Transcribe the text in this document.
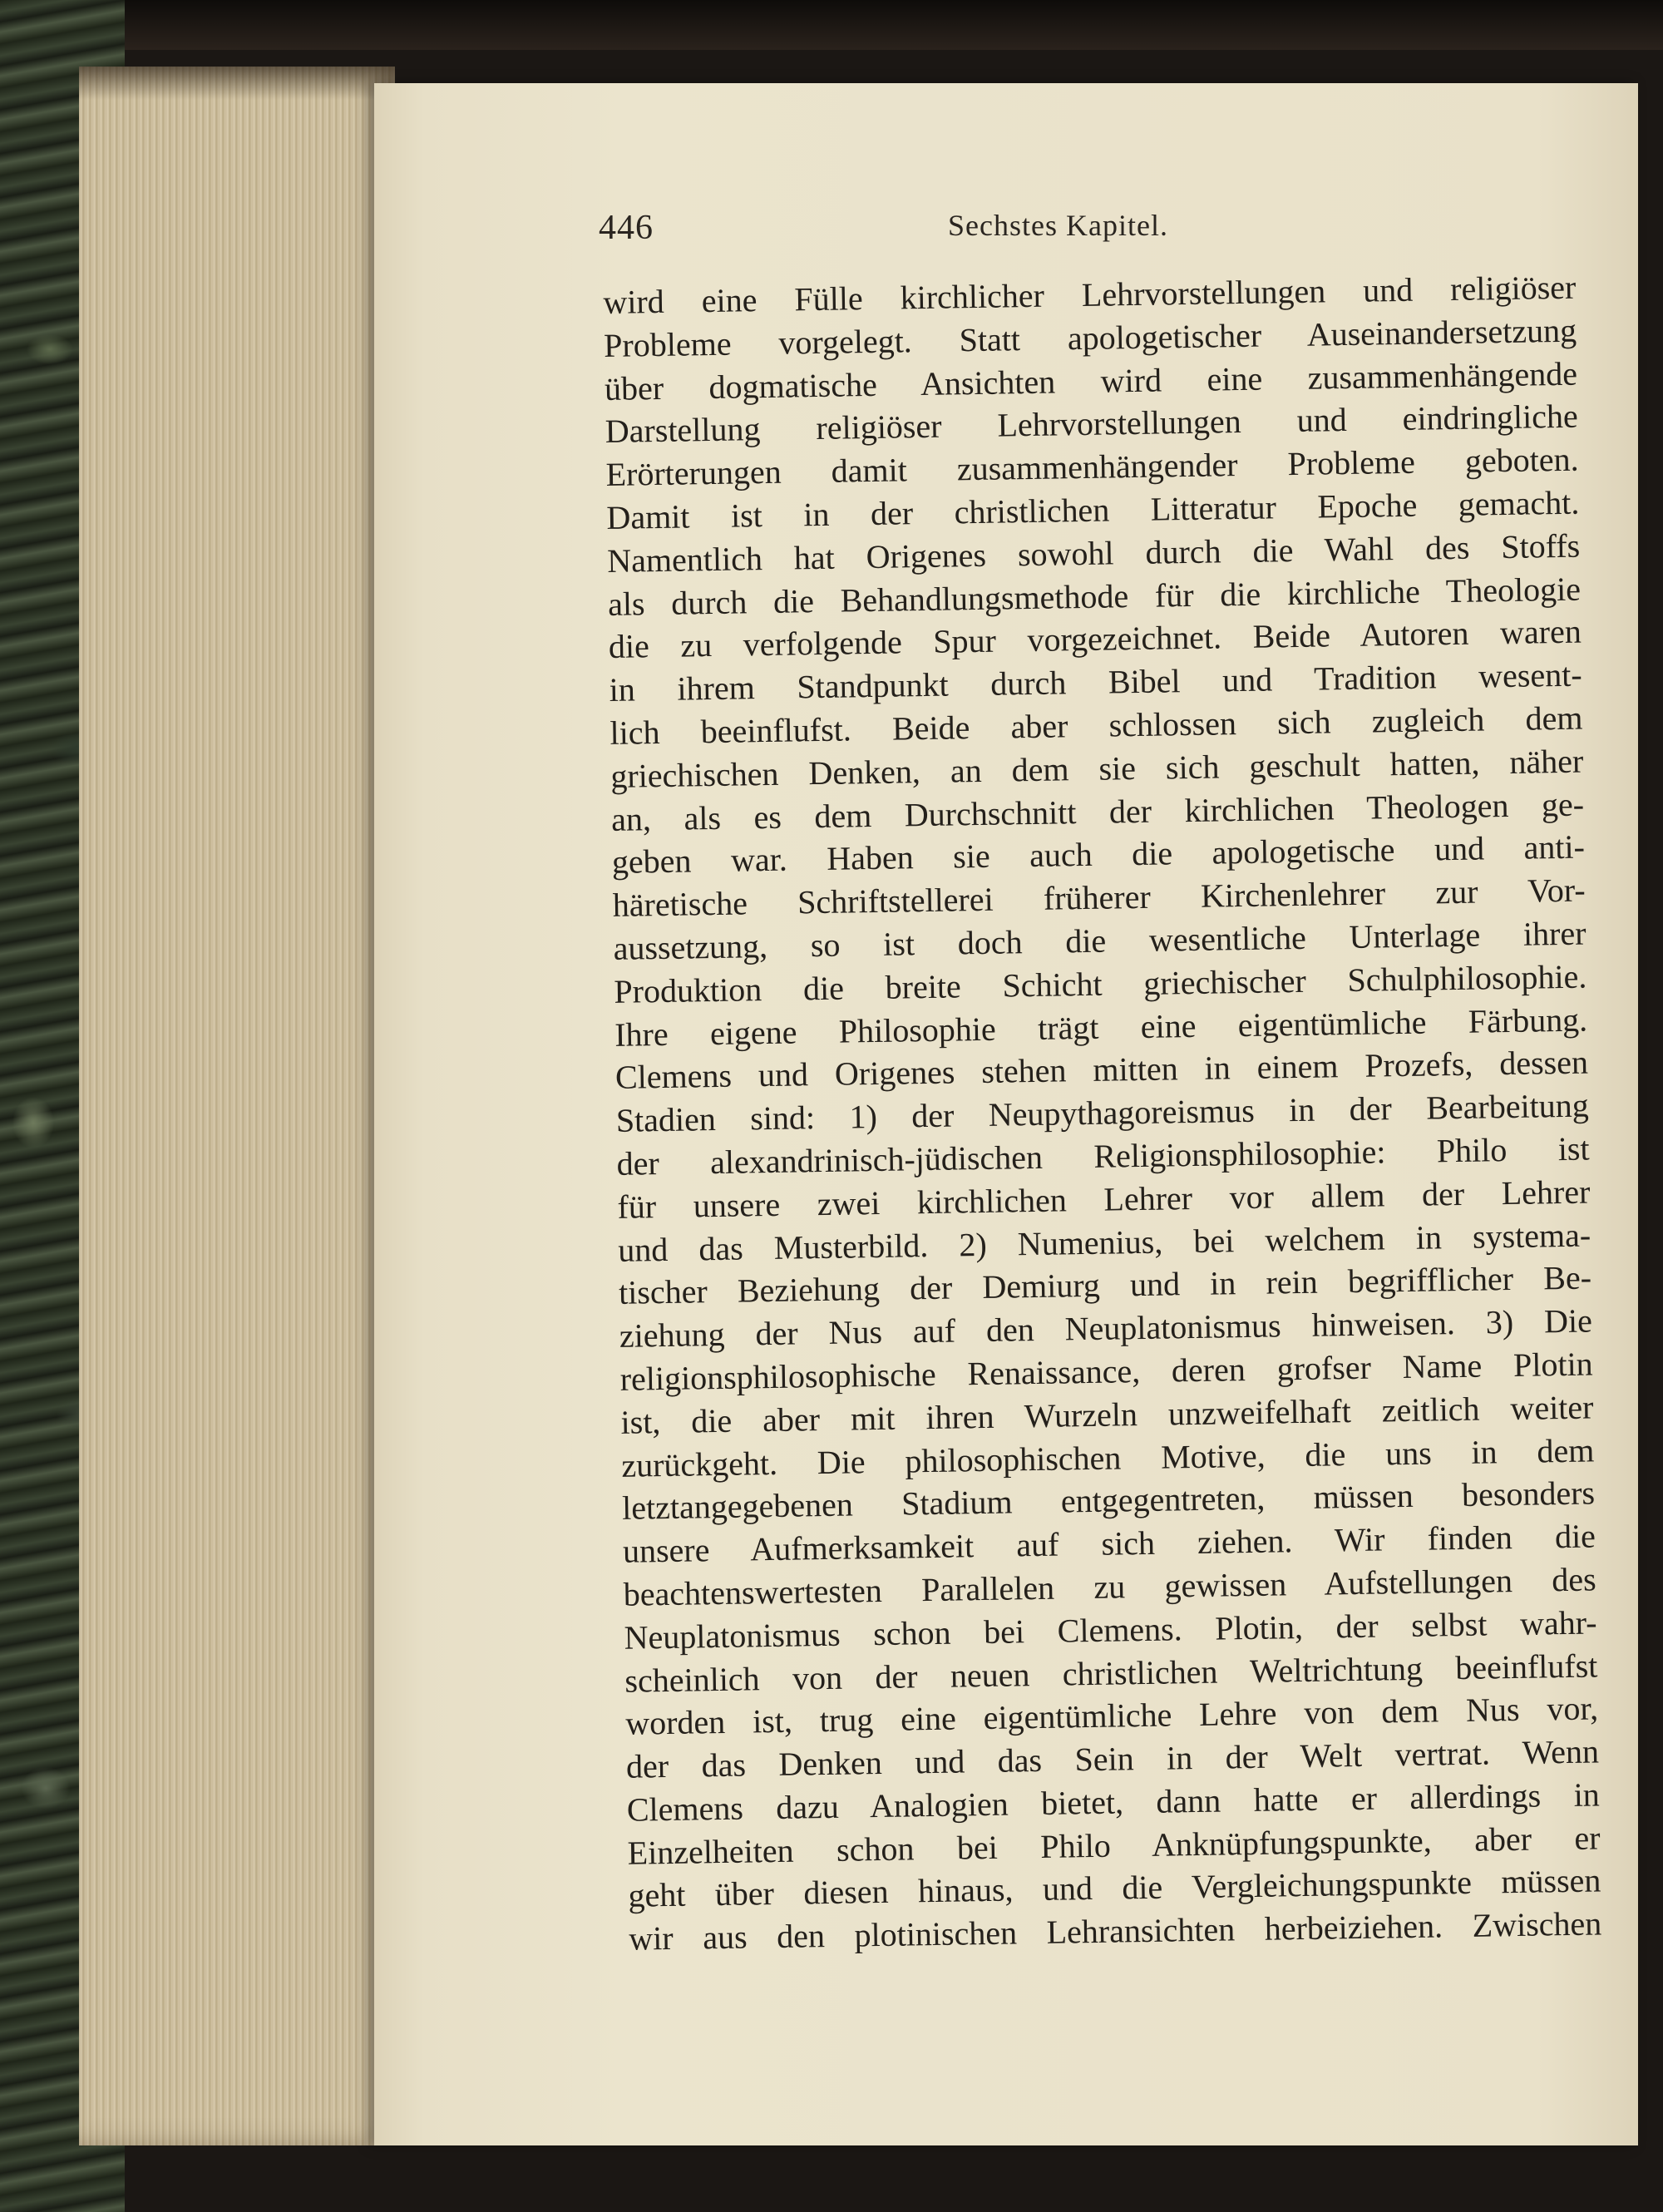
446	Sechstes Kapitel.
wird eine Fülle kirchlicher Lehrvorstellungen und religiöser
Probleme vorgelegt. Statt apologetischer Auseinandersetzung
über dogmatische Ansichten wird eine zusammenhängende
Darstellung religiöser Lehrvorstellungen und eindringliche
Erörterungen damit zusammenhängender Probleme geboten.
Damit ist in der christlichen Litteratur Epoche gemacht.
Namentlich hat Origenes sowohl durch die Wahl des Stoffs
als durch die Behandlungsmethode für die kirchliche Theologie
die zu verfolgende Spur vorgezeichnet. Beide Autoren waren
in ihrem Standpunkt durch Bibel und Tradition wesent-
lich beeinflufst. Beide aber schlossen sich zugleich dem
griechischen Denken, an dem sie sich geschult hatten, näher
an, als es dem Durchschnitt der kirchlichen Theologen ge-
geben war. Haben sie auch die apologetische und anti-
häretische Schriftstellerei früherer Kirchenlehrer zur Vor-
aussetzung, so ist doch die wesentliche Unterlage ihrer
Produktion die breite Schicht griechischer Schulphilosophie.
Ihre eigene Philosophie trägt eine eigentümliche Färbung.
Clemens und Origenes stehen mitten in einem Prozefs, dessen
Stadien sind: 1) der Neupythagoreismus in der Bearbeitung
der alexandrinisch-jüdischen Religionsphilosophie: Philo ist
für unsere zwei kirchlichen Lehrer vor allem der Lehrer
und das Musterbild. 2) Numenius, bei welchem in systema-
tischer Beziehung der Demiurg und in rein begrifflicher Be-
ziehung der Nus auf den Neuplatonismus hinweisen. 3) Die
religionsphilosophische Renaissance, deren grofser Name Plotin
ist, die aber mit ihren Wurzeln unzweifelhaft zeitlich weiter
zurückgeht. Die philosophischen Motive, die uns in dem
letztangegebenen Stadium entgegentreten, müssen besonders
unsere Aufmerksamkeit auf sich ziehen. Wir finden die
beachtenswertesten Parallelen zu gewissen Aufstellungen des
Neuplatonismus schon bei Clemens. Plotin, der selbst wahr-
scheinlich von der neuen christlichen Weltrichtung beeinflufst
worden ist, trug eine eigentümliche Lehre von dem Nus vor,
der das Denken und das Sein in der Welt vertrat. Wenn
Clemens dazu Analogien bietet, dann hatte er allerdings in
Einzelheiten schon bei Philo Anknüpfungspunkte, aber er
geht über diesen hinaus, und die Vergleichungspunkte müssen
wir aus den plotinischen Lehransichten herbeiziehen. Zwischen
